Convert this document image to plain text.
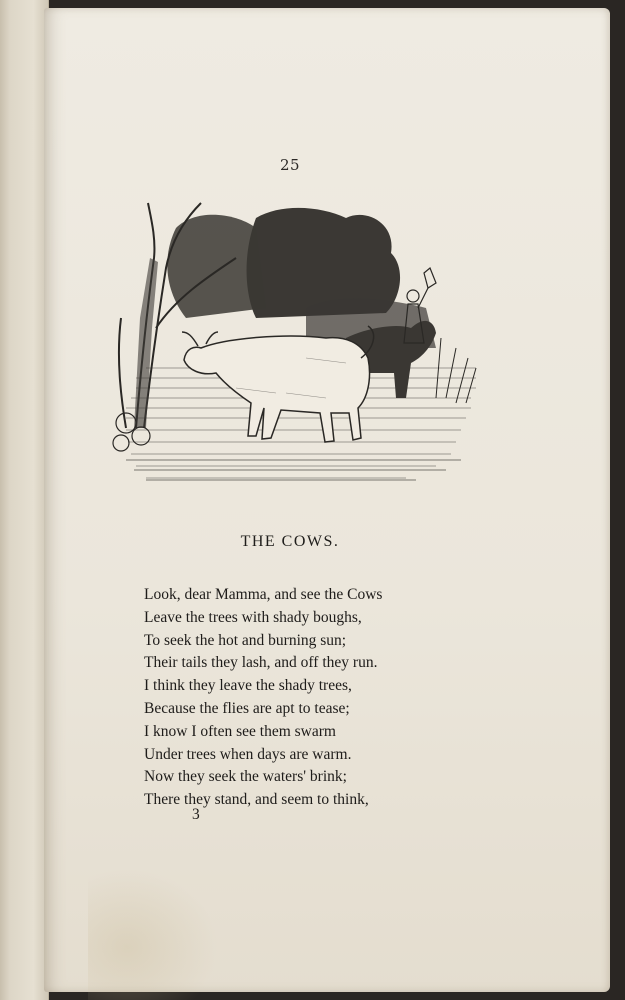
25
THE COWS.
Look, dear Mamma, and see the Cows
Leave the trees with shady boughs,
To seek the hot and burning sun;
Their tails they lash, and off they run.
I think they leave the shady trees,
Because the flies are apt to tease;
I know I often see them swarm
Under trees when days are warm.
Now they seek the waters' brink;
There they stand, and seem to think,
3
